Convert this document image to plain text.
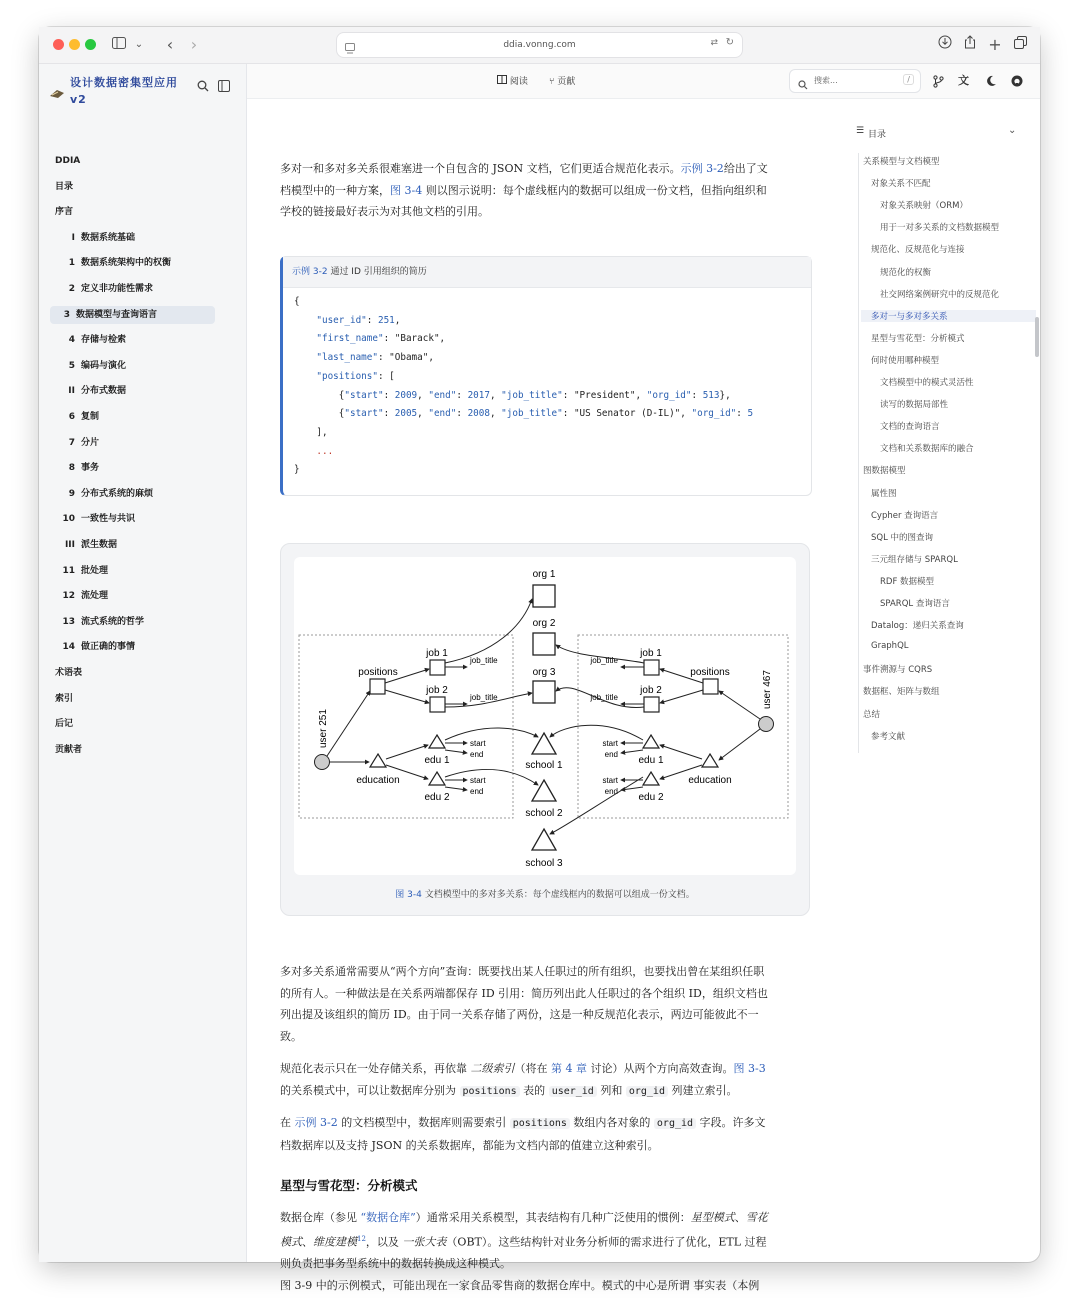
⌄	‹	›	ddia.vonng.com	⇄ ↻	+
设计数据密集型应用
v2
DDIA
目录
序言
I 数据系统基础
1 数据系统架构中的权衡
2 定义非功能性需求
3 数据模型与查询语言
4 存储与检索
5 编码与演化
II 分布式数据
6 复制
7 分片
8 事务
9 分布式系统的麻烦
10 一致性与共识
III 派生数据
11 批处理
12 流处理
13 流式系统的哲学
14 做正确的事情
术语表
索引
后记
贡献者
阅读 ⑂ 贡献	搜索...	/	文
多对一和多对多关系很难塞进一个自包含的 JSON 文档，它们更适合规范化表示。示例 3-2给出了文档模型中的一种方案，图 3-4 则以图示说明：每个虚线框内的数据可以组成一份文档，但指向组织和学校的链接最好表示为对其他文档的引用。
示例 3-2 通过 ID 引用组织的简历
{
"user_id": 251,
"first_name": "Barack",
"last_name": "Obama",
"positions": [
{"start": 2009, "end": 2017, "job_title": "President", "org_id": 513},
{"start": 2005, "end": 2008, "job_title": "US Senator (D-IL)", "org_id": 5
],
...
}
org 1
org 2
org 3
school 1
school 2
school 3
user 251
positions
education
job 1
job 2
job_title
job_title
edu 1
edu 2
start
end
start
end
user 467
positions
education
job 1
job 2
job_title
job_title
edu 1
edu 2
start
end
start
end
图 3-4 文档模型中的多对多关系：每个虚线框内的数据可以组成一份文档。
多对多关系通常需要从“两个方向”查询：既要找出某人任职过的所有组织，也要找出曾在某组织任职的所有人。一种做法是在关系两端都保存 ID 引用：简历列出此人任职过的各个组织 ID，组织文档也列出提及该组织的简历 ID。由于同一关系存储了两份，这是一种反规范化表示，两边可能彼此不一致。
规范化表示只在一处存储关系，再依靠 二级索引（将在 第 4 章 讨论）从两个方向高效查询。图 3-3 的关系模式中，可以让数据库分别为 positions 表的 user_id 列和 org_id 列建立索引。
在 示例 3-2 的文档模型中，数据库则需要索引 positions 数组内各对象的 org_id 字段。许多文档数据库以及支持 JSON 的关系数据库，都能为文档内部的值建立这种索引。
星型与雪花型：分析模式
数据仓库（参见 “数据仓库”）通常采用关系模型，其表结构有几种广泛使用的惯例：星型模式、雪花模式、维度建模$^{12}$，以及 一张大表（OBT）。这些结构针对业务分析师的需求进行了优化，ETL 过程则负责把事务型系统中的数据转换成这种模式。
图 3-9 中的示例模式，可能出现在一家食品零售商的数据仓库中。模式的中心是所谓 事实表（本例
☰ 目录	⌄
关系模型与文档模型
对象关系不匹配
对象关系映射（ORM）
用于一对多关系的文档数据模型
规范化、反规范化与连接
规范化的权衡
社交网络案例研究中的反规范化
多对一与多对多关系
星型与雪花型：分析模式
何时使用哪种模型
文档模型中的模式灵活性
读写的数据局部性
文档的查询语言
文档和关系数据库的融合
图数据模型
属性图
Cypher 查询语言
SQL 中的图查询
三元组存储与 SPARQL
RDF 数据模型
SPARQL 查询语言
Datalog：递归关系查询
GraphQL
事件溯源与 CQRS
数据框、矩阵与数组
总结
参考文献
